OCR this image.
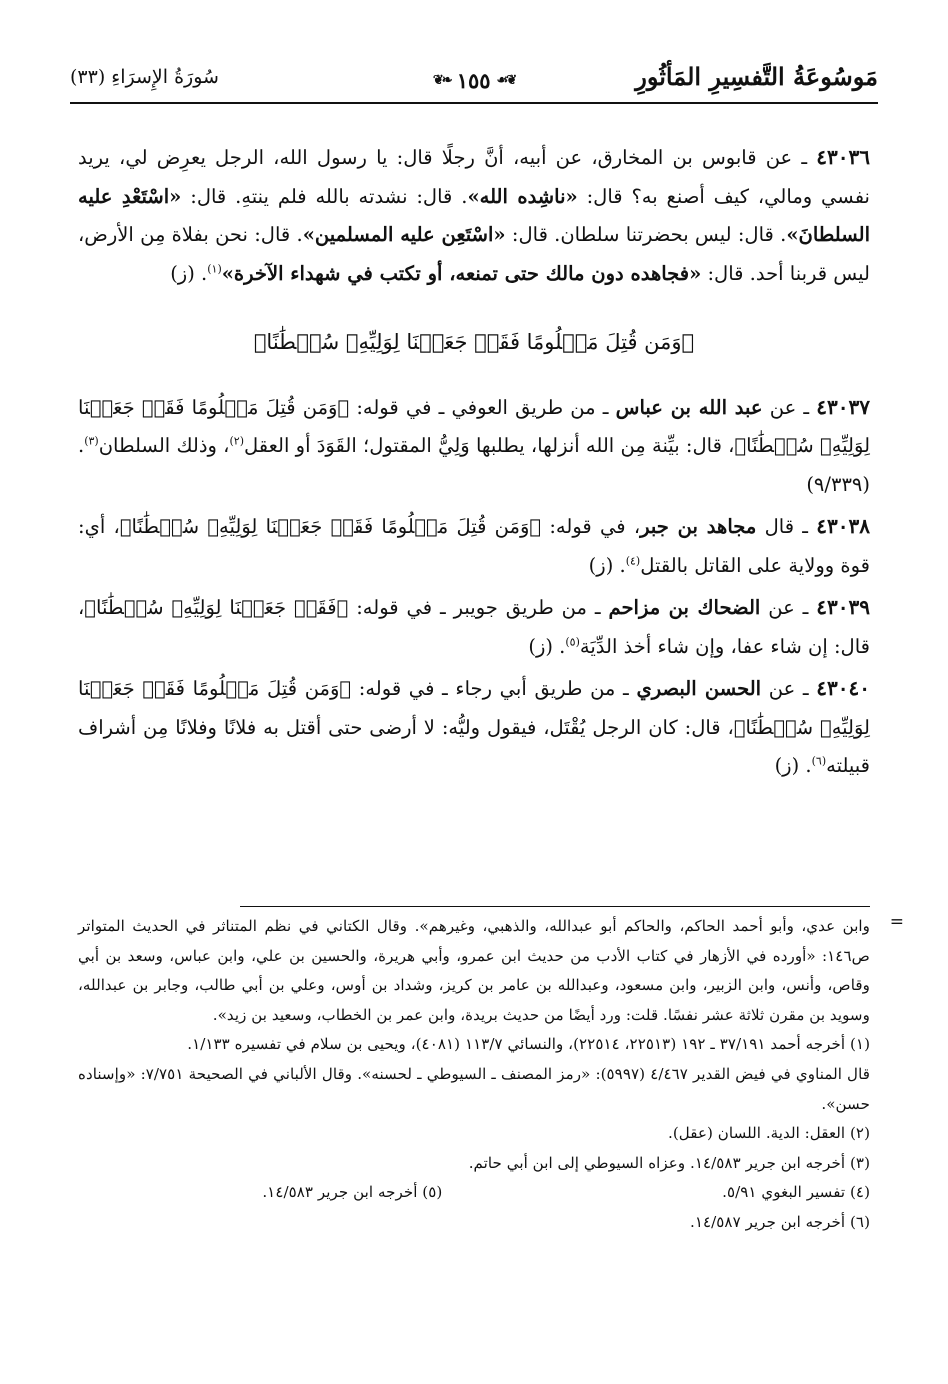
مَوسُوعَةُ التَّفسِيرِ المَأثُورِ
❦❧ ١٥٥ ☙❦
سُورَةُ الإِسرَاءِ (٣٣)

٤٣٠٣٦ ـ عن قابوس بن المخارق، عن أبيه، أنَّ رجلًا قال: يا رسول الله، الرجل يعرِض لي، يريد نفسي ومالي، كيف أصنع به؟ قال: «ناشِده الله». قال: نشدته بالله فلم ينتهِ. قال: «اسْتَعْدِ عليه السلطانَ». قال: ليس بحضرتنا سلطان. قال: «اسْتَعِن عليه المسلمين». قال: نحن بفلاة مِن الأرض، ليس قربنا أحد. قال: «فجاهده دون مالك حتى تمنعه، أو تكتب في شهداء الآخرة»$^{(١)}$. (ز)

﴿وَمَن قُتِلَ مَظۡلُومًا فَقَدۡ جَعَلۡنَا لِوَلِيِّهِۦ سُلۡطَٰنًا﴾

٤٣٠٣٧ ـ عن عبد الله بن عباس ـ من طريق العوفي ـ في قوله: ﴿وَمَن قُتِلَ مَظۡلُومًا فَقَدۡ جَعَلۡنَا لِوَلِيِّهِۦ سُلۡطَٰنًا﴾، قال: بيِّنة مِن الله أنزلها، يطلبها وَلِيُّ المقتول؛ القَوَدَ أو العقل$^{(٢)}$، وذلك السلطان$^{(٣)}$. (٩/٣٣٩)

٤٣٠٣٨ ـ قال مجاهد بن جبر، في قوله: ﴿وَمَن قُتِلَ مَظۡلُومًا فَقَدۡ جَعَلۡنَا لِوَلِيِّهِۦ سُلۡطَٰنًا﴾، أي: قوة وولاية على القاتل بالقتل$^{(٤)}$. (ز)

٤٣٠٣٩ ـ عن الضحاك بن مزاحم ـ من طريق جويبر ـ في قوله: ﴿فَقَدۡ جَعَلۡنَا لِوَلِيِّهِۦ سُلۡطَٰنًا﴾، قال: إن شاء عفا، وإن شاء أخذ الدِّيَة$^{(٥)}$. (ز)

٤٣٠٤٠ ـ عن الحسن البصري ـ من طريق أبي رجاء ـ في قوله: ﴿وَمَن قُتِلَ مَظۡلُومًا فَقَدۡ جَعَلۡنَا لِوَلِيِّهِۦ سُلۡطَٰنًا﴾، قال: كان الرجل يُقْتَل، فيقول وليُّه: لا أرضى حتى أقتل به فلانًا وفلانًا مِن أشراف قبيلته$^{(٦)}$. (ز)

=

وابن عدي، وأبو أحمد الحاكم، والحاكم أبو عبدالله، والذهبي، وغيرهم». وقال الكتاني في نظم المتناثر في الحديث المتواتر ص١٤٦: «أورده في الأزهار في كتاب الأدب من حديث ابن عمرو، وأبي هريرة، والحسين بن علي، وابن عباس، وسعد بن أبي وقاص، وأنس، وابن الزبير، وابن مسعود، وعبدالله بن عامر بن كريز، وشداد بن أوس، وعلي بن أبي طالب، وجابر بن عبدالله، وسويد بن مقرن ثلاثة عشر نفسًا. قلت: ورد أيضًا من حديث بريدة، وابن عمر بن الخطاب، وسعيد بن زيد».

(١) أخرجه أحمد ٣٧/١٩١ ـ ١٩٢ (٢٢٥١٣، ٢٢٥١٤)، والنسائي ١١٣/٧ (٤٠٨١)، ويحيى بن سلام في تفسيره ١/١٣٣.

قال المناوي في فيض القدير ٤/٤٦٧ (٥٩٩٧): «رمز المصنف ـ السيوطي ـ لحسنه». وقال الألباني في الصحيحة ٧/٧٥١: «وإسناده حسن».

(٢) العقل: الدية. اللسان (عقل).

(٣) أخرجه ابن جرير ١٤/٥٨٣. وعزاه السيوطي إلى ابن أبي حاتم.

(٤) تفسير البغوي ٥/٩١.
(٥) أخرجه ابن جرير ١٤/٥٨٣.

(٦) أخرجه ابن جرير ١٤/٥٨٧.
